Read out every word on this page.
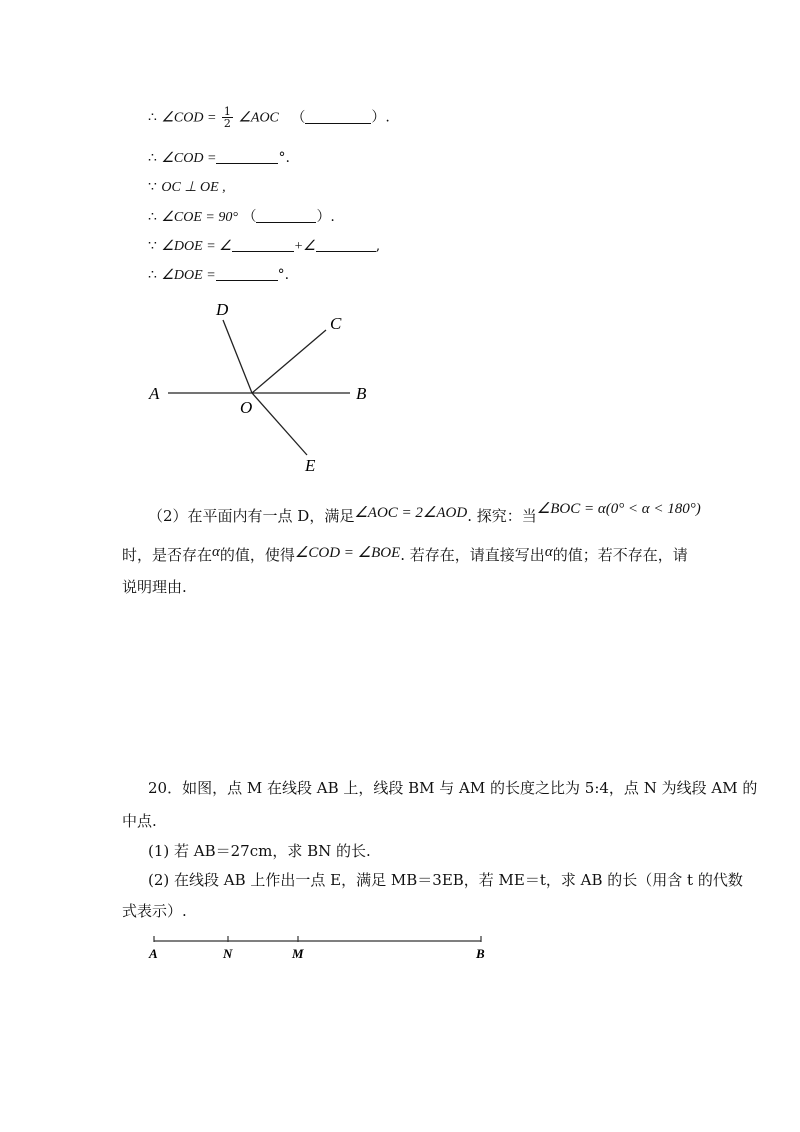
∴ ∠COD = $\frac{1}{2}$ ∠AOC （	）.
∴ ∠COD =	°.
∵ OC ⊥ OE ,
∴ ∠COE = 90° （	）.
∵ ∠DOE = ∠	+∠	,
∴ ∠DOE =	°.
D
C
A
O
B
E
（2）在平面内有一点 D，满足∠AOC = 2∠AOD. 探究：当∠BOC = α(0° < α < 180°)
时，是否存在α的值，使得∠COD = ∠BOE. 若存在，请直接写出α的值；若不存在，请
说明理由.
20．如图，点 M 在线段 AB 上，线段 BM 与 AM 的长度之比为 5:4，点 N 为线段 AM 的
中点.
(1) 若 AB＝27cm，求 BN 的长.
(2) 在线段 AB 上作出一点 E，满足 MB＝3EB，若 ME＝t，求 AB 的长（用含 t 的代数
式表示）.
A	N	M	B
